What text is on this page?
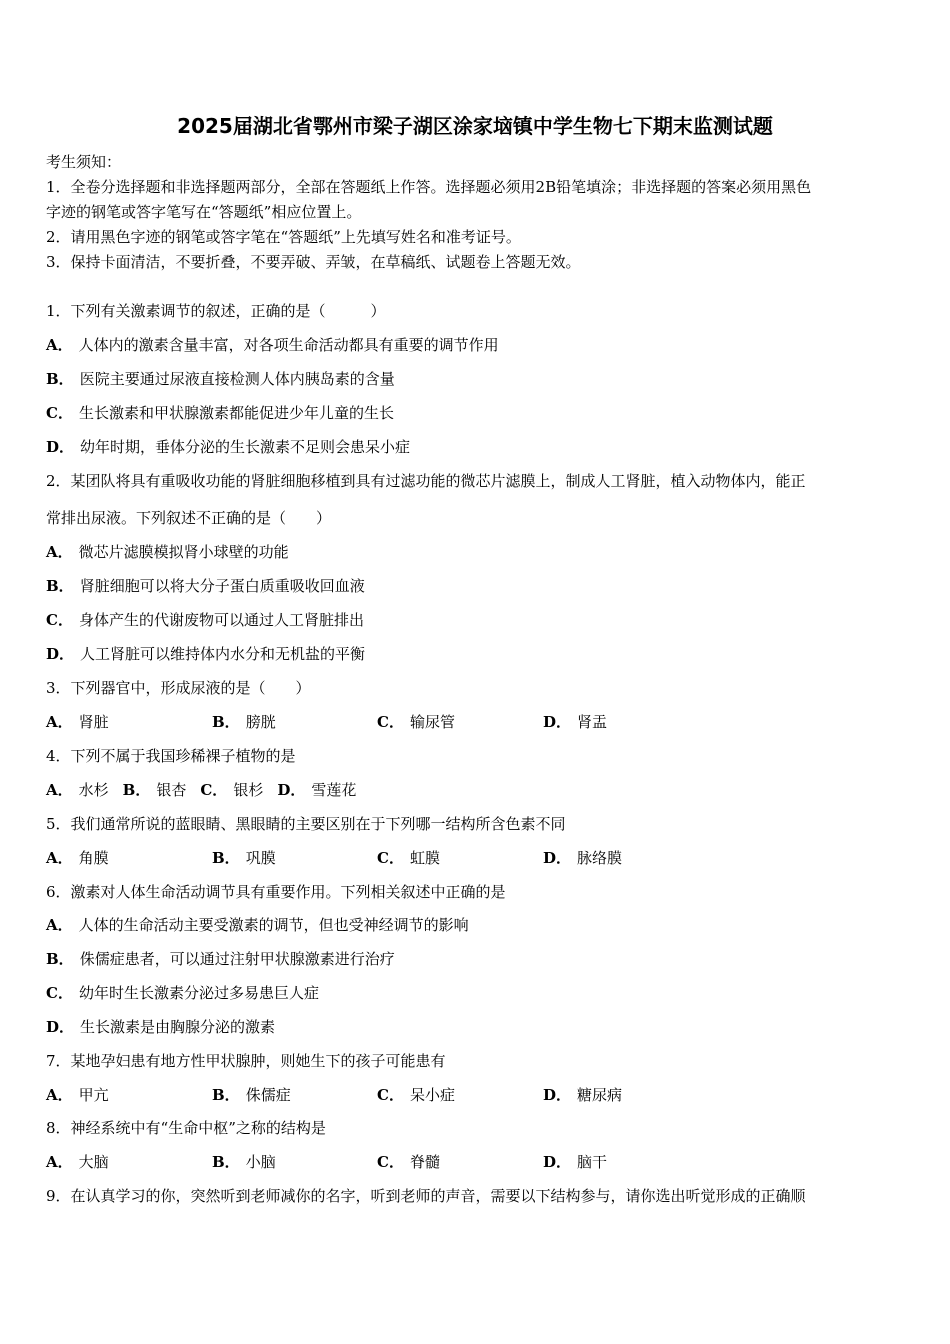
2025届湖北省鄂州市梁子湖区涂家垴镇中学生物七下期末监测试题
考生须知：
1．全卷分选择题和非选择题两部分，全部在答题纸上作答。选择题必须用2B铅笔填涂；非选择题的答案必须用黑色
字迹的钢笔或答字笔写在“答题纸”相应位置上。
2．请用黑色字迹的钢笔或答字笔在“答题纸”上先填写姓名和准考证号。
3．保持卡面清洁，不要折叠，不要弄破、弄皱，在草稿纸、试题卷上答题无效。
1．下列有关激素调节的叙述，正确的是（　　　）
A． 人体内的激素含量丰富，对各项生命活动都具有重要的调节作用
B． 医院主要通过尿液直接检测人体内胰岛素的含量
C． 生长激素和甲状腺激素都能促进少年儿童的生长
D． 幼年时期，垂体分泌的生长激素不足则会患呆小症
2．某团队将具有重吸收功能的肾脏细胞移植到具有过滤功能的微芯片滤膜上，制成人工肾脏，植入动物体内，能正
常排出尿液。下列叙述不正确的是（　　）
A． 微芯片滤膜模拟肾小球壁的功能
B． 肾脏细胞可以将大分子蛋白质重吸收回血液
C． 身体产生的代谢废物可以通过人工肾脏排出
D． 人工肾脏可以维持体内水分和无机盐的平衡
3．下列器官中，形成尿液的是（　　）
A． 肾脏	B． 膀胱	C． 输尿管	D． 肾盂
4．下列不属于我国珍稀裸子植物的是
A． 水杉 B． 银杏 C． 银杉 D． 雪莲花
5．我们通常所说的蓝眼睛、黑眼睛的主要区别在于下列哪一结构所含色素不同
A． 角膜	B． 巩膜	C． 虹膜	D． 脉络膜
6．激素对人体生命活动调节具有重要作用。下列相关叙述中正确的是
A． 人体的生命活动主要受激素的调节，但也受神经调节的影响
B． 侏儒症患者，可以通过注射甲状腺激素进行治疗
C． 幼年时生长激素分泌过多易患巨人症
D． 生长激素是由胸腺分泌的激素
7．某地孕妇患有地方性甲状腺肿，则她生下的孩子可能患有
A． 甲亢	B． 侏儒症	C． 呆小症	D． 糖尿病
8．神经系统中有“生命中枢”之称的结构是
A． 大脑	B． 小脑	C． 脊髓	D． 脑干
9．在认真学习的你，突然听到老师减你的名字，听到老师的声音，需要以下结构参与，请你选出听觉形成的正确顺
